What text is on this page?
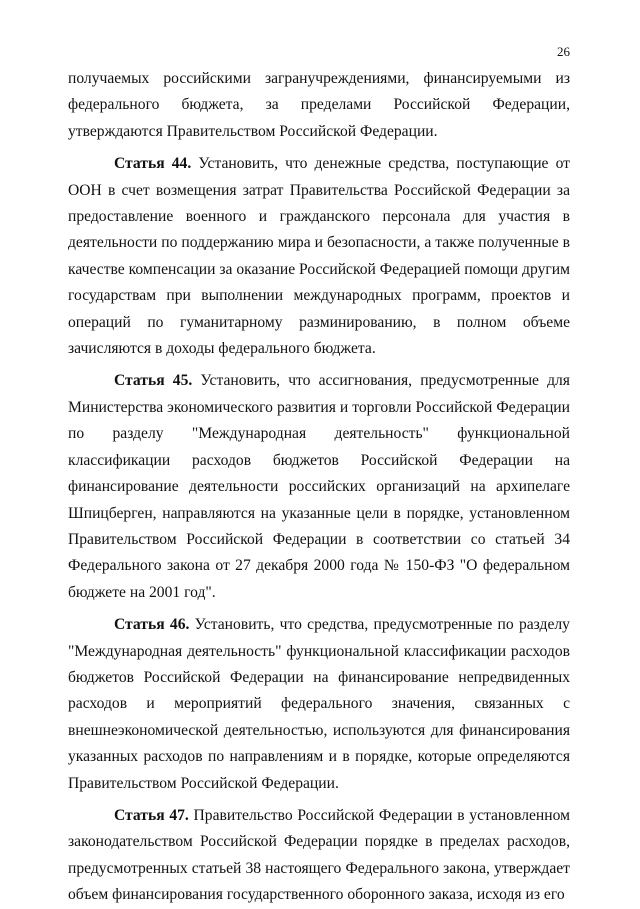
26

получаемых российскими загранучреждениями, финансируемыми из федерального бюджета, за пределами Российской Федерации, утверждаются Правительством Российской Федерации.

Статья 44. Установить, что денежные средства, поступающие от ООН в счет возмещения затрат Правительства Российской Федерации за предоставление военного и гражданского персонала для участия в деятельности по поддержанию мира и безопасности, а также полученные в качестве компенсации за оказание Российской Федерацией помощи другим государствам при выполнении международных программ, проектов и операций по гуманитарному разминированию, в полном объеме зачисляются в доходы федерального бюджета.

Статья 45. Установить, что ассигнования, предусмотренные для Министерства экономического развития и торговли Российской Федерации по разделу "Международная деятельность" функциональной классификации расходов бюджетов Российской Федерации на финансирование деятельности российских организаций на архипелаге Шпицберген, направляются на указанные цели в порядке, установленном Правительством Российской Федерации в соответствии со статьей 34 Федерального закона от 27 декабря 2000 года № 150-ФЗ "О федеральном бюджете на 2001 год".

Статья 46. Установить, что средства, предусмотренные по разделу "Международная деятельность" функциональной классификации расходов бюджетов Российской Федерации на финансирование непредвиденных расходов и мероприятий федерального значения, связанных с внешнеэкономической деятельностью, используются для финансирования указанных расходов по направлениям и в порядке, которые определяются Правительством Российской Федерации.

Статья 47. Правительство Российской Федерации в установленном законодательством Российской Федерации порядке в пределах расходов, предусмотренных статьей 38 настоящего Федерального закона, утверждает объем финансирования государственного оборонного заказа, исходя из его
